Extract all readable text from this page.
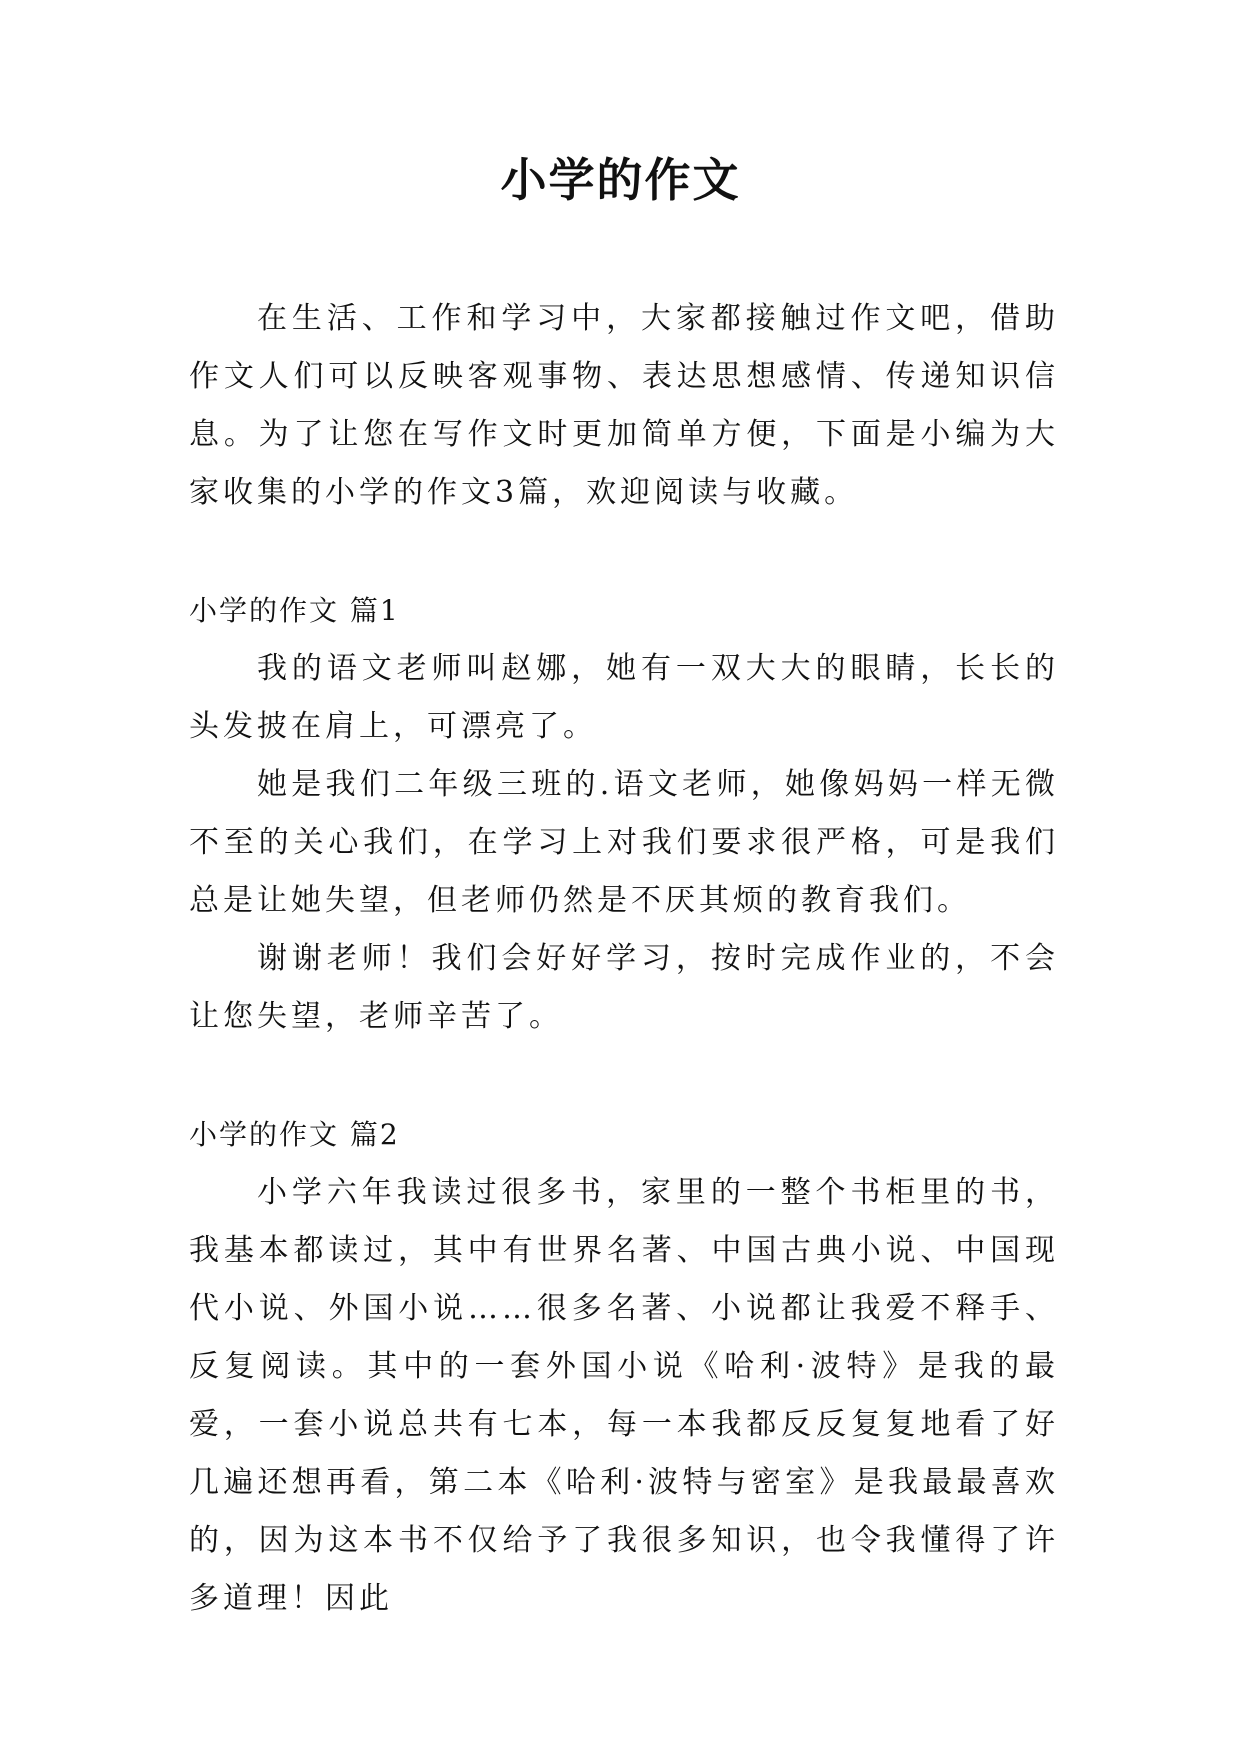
小学的作文

在生活、工作和学习中，大家都接触过作文吧，借助作文人们可以反映客观事物、表达思想感情、传递知识信息。为了让您在写作文时更加简单方便，下面是小编为大家收集的小学的作文3篇，欢迎阅读与收藏。

小学的作文 篇1

我的语文老师叫赵娜，她有一双大大的眼睛，长长的头发披在肩上，可漂亮了。

她是我们二年级三班的.语文老师，她像妈妈一样无微不至的关心我们，在学习上对我们要求很严格，可是我们总是让她失望，但老师仍然是不厌其烦的教育我们。

谢谢老师！我们会好好学习，按时完成作业的，不会让您失望，老师辛苦了。

小学的作文 篇2

小学六年我读过很多书，家里的一整个书柜里的书，我基本都读过，其中有世界名著、中国古典小说、中国现代小说、外国小说……很多名著、小说都让我爱不释手、反复阅读。其中的一套外国小说《哈利·波特》是我的最爱，一套小说总共有七本，每一本我都反反复复地看了好几遍还想再看，第二本《哈利·波特与密室》是我最最喜欢的，因为这本书不仅给予了我很多知识，也令我懂得了许多道理！因此
